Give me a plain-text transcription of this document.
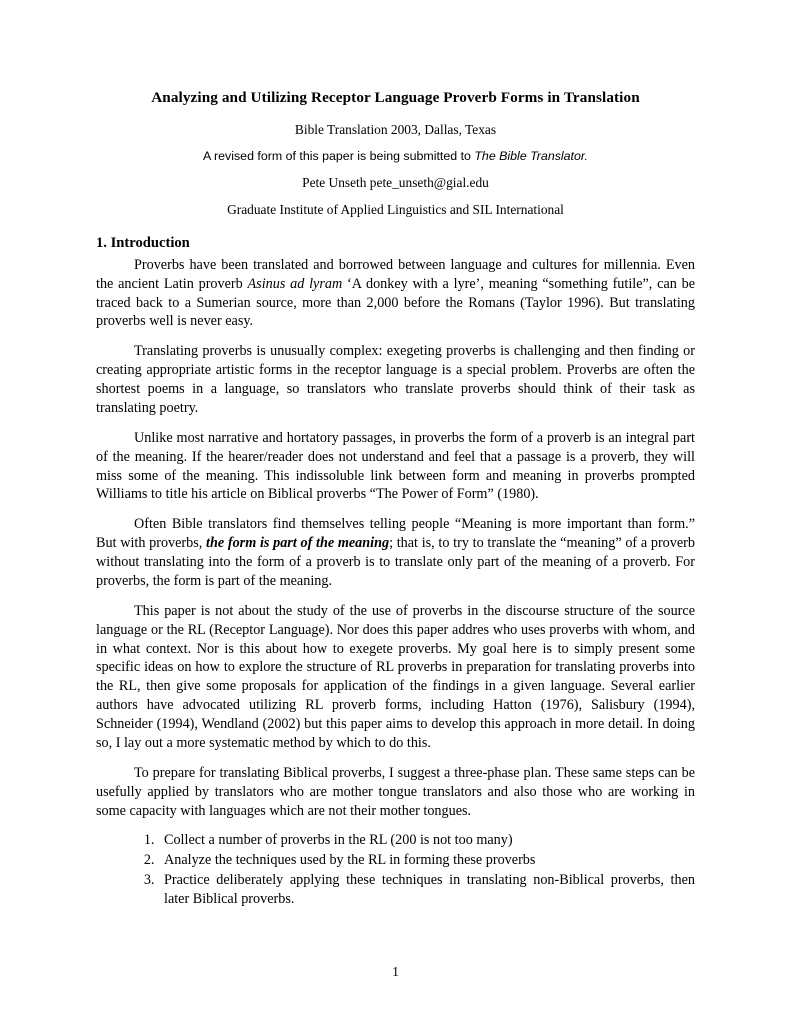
Analyzing and Utilizing Receptor Language Proverb Forms in Translation
Bible Translation 2003, Dallas, Texas
A revised form of this paper is being submitted to The Bible Translator.
Pete Unseth pete_unseth@gial.edu
Graduate Institute of Applied Linguistics and SIL International
1. Introduction

Proverbs have been translated and borrowed between language and cultures for millennia. Even the ancient Latin proverb Asinus ad lyram ‘A donkey with a lyre’, meaning “something futile”, can be traced back to a Sumerian source, more than 2,000 before the Romans (Taylor 1996). But translating proverbs well is never easy.

Translating proverbs is unusually complex: exegeting proverbs is challenging and then finding or creating appropriate artistic forms in the receptor language is a special problem. Proverbs are often the shortest poems in a language, so translators who translate proverbs should think of their task as translating poetry.

Unlike most narrative and hortatory passages, in proverbs the form of a proverb is an integral part of the meaning. If the hearer/reader does not understand and feel that a passage is a proverb, they will miss some of the meaning. This indissoluble link between form and meaning in proverbs prompted Williams to title his article on Biblical proverbs “The Power of Form” (1980).

Often Bible translators find themselves telling people “Meaning is more important than form.” But with proverbs, the form is part of the meaning; that is, to try to translate the “meaning” of a proverb without translating into the form of a proverb is to translate only part of the meaning of a proverb. For proverbs, the form is part of the meaning.

This paper is not about the study of the use of proverbs in the discourse structure of the source language or the RL (Receptor Language). Nor does this paper addres who uses proverbs with whom, and in what context. Nor is this about how to exegete proverbs. My goal here is to simply present some specific ideas on how to explore the structure of RL proverbs in preparation for translating proverbs into the RL, then give some proposals for application of the findings in a given language. Several earlier authors have advocated utilizing RL proverb forms, including Hatton (1976), Salisbury (1994), Schneider (1994), Wendland (2002) but this paper aims to develop this approach in more detail. In doing so, I lay out a more systematic method by which to do this.

To prepare for translating Biblical proverbs, I suggest a three-phase plan. These same steps can be usefully applied by translators who are mother tongue translators and also those who are working in some capacity with languages which are not their mother tongues.

1. Collect a number of proverbs in the RL (200 is not too many)
2. Analyze the techniques used by the RL in forming these proverbs
3. Practice deliberately applying these techniques in translating non-Biblical proverbs, then later Biblical proverbs.
1
